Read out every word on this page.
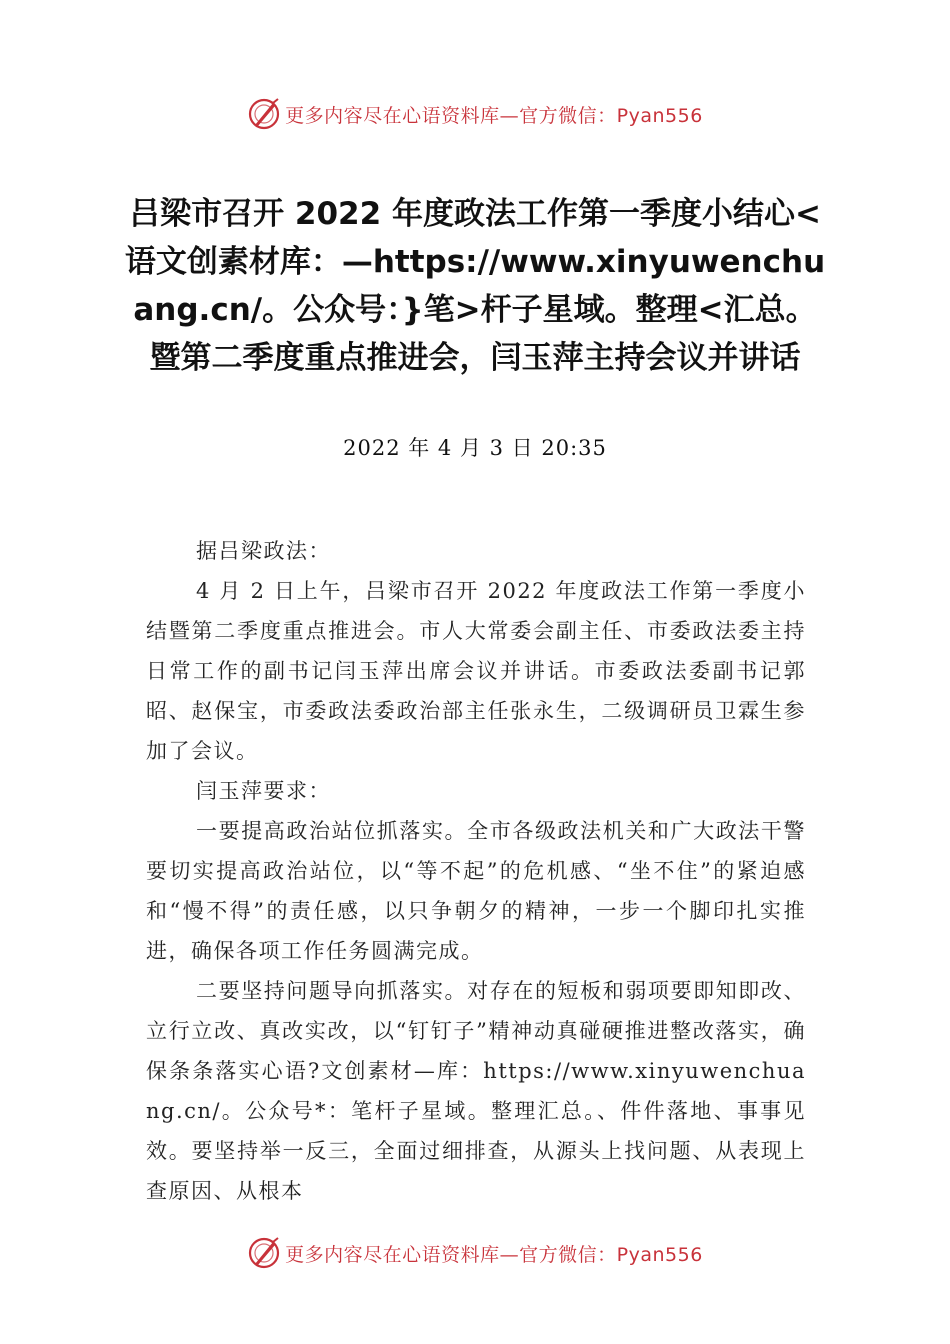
更多内容尽在心语资料库—官方微信：Pyan556
吕梁市召开 2022 年度政法工作第一季度小结心<语文创素材库：—https://www.xinyuwenchuang.cn/。公众号：}笔>杆子星域。整理<汇总。暨第二季度重点推进会，闫玉萍主持会议并讲话
2022 年 4 月 3 日 20:35

据吕梁政法：

4 月 2 日上午，吕梁市召开 2022 年度政法工作第一季度小结暨第二季度重点推进会。市人大常委会副主任、市委政法委主持日常工作的副书记闫玉萍出席会议并讲话。市委政法委副书记郭昭、赵保宝，市委政法委政治部主任张永生，二级调研员卫霖生参加了会议。

闫玉萍要求：

一要提高政治站位抓落实。全市各级政法机关和广大政法干警要切实提高政治站位，以“等不起”的危机感、“坐不住”的紧迫感和“慢不得”的责任感，以只争朝夕的精神，一步一个脚印扎实推进，确保各项工作任务圆满完成。

二要坚持问题导向抓落实。对存在的短板和弱项要即知即改、立行立改、真改实改，以“钉钉子”精神动真碰硬推进整改落实，确保条条落实心语?文创素材—库：https://www.xinyuwenchuang.cn/。公众号*：笔杆子星域。整理汇总。、件件落地、事事见效。要坚持举一反三，全面过细排查，从源头上找问题、从表现上查原因、从根本

更多内容尽在心语资料库—官方微信：Pyan556
